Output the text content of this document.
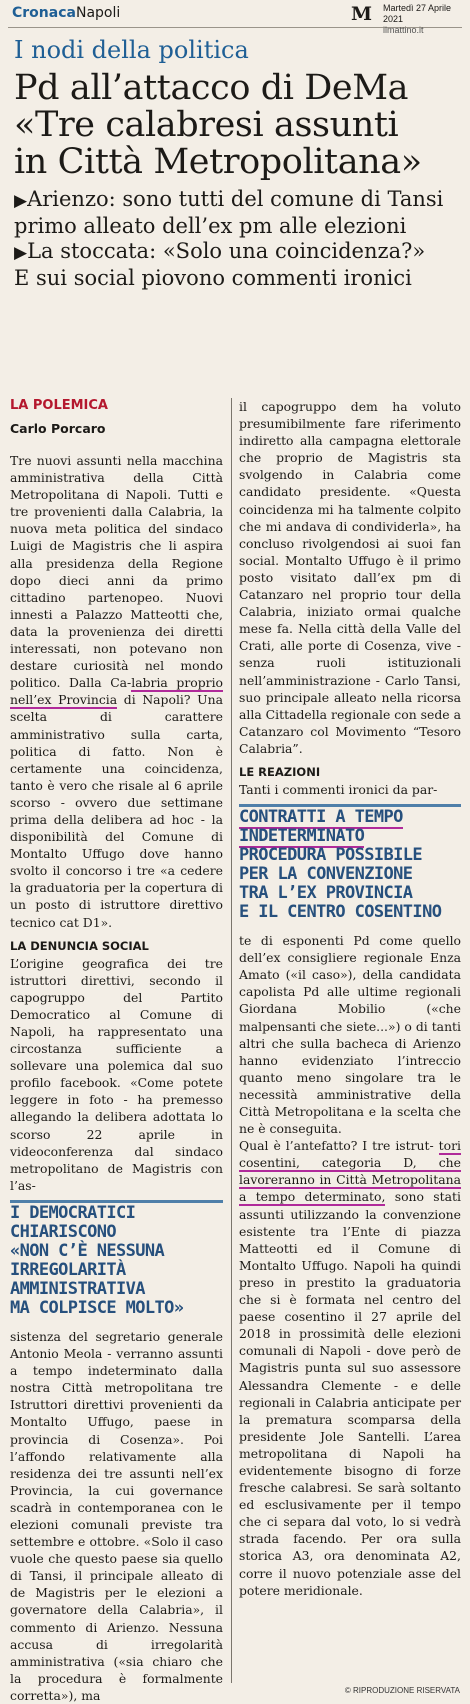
CronacaNapoli	M Martedì 27 Aprile 2021
ilmattino.it
I nodi della politica
Pd all’attacco di DeMa
«Tre calabresi assunti
in Città Metropolitana»
▶Arienzo: sono tutti del comune di Tansi
primo alleato dell’ex pm alle elezioni
▶La stoccata: «Solo una coincidenza?»
E sui social piovono commenti ironici
LA POLEMICA
Carlo Porcaro

Tre nuovi assunti nella macchina amministrativa della Città Metropolitana di Napoli. Tutti e tre provenienti dalla Calabria, la nuova meta politica del sindaco Luigi de Magistris che li aspira alla presidenza della Regione dopo dieci anni da primo cittadino partenopeo. Nuovi innesti a Palazzo Matteotti che, data la provenienza dei diretti interessati, non potevano non destare curiosità nel mondo politico. Dalla Ca-labria proprio nell’ex Provincia di Napoli? Una scelta di carattere amministrativo sulla carta, politica di fatto. Non è certamente una coincidenza, tanto è vero che risale al 6 aprile scorso - ovvero due settimane prima della delibera ad hoc - la disponibilità del Comune di Montalto Uffugo dove hanno svolto il concorso i tre «a cedere la graduatoria per la copertura di un posto di istruttore direttivo tecnico cat D1».

LA DENUNCIA SOCIAL

L’origine geografica dei tre istruttori direttivi, secondo il capogruppo del Partito Democratico al Comune di Napoli, ha rappresentato una circostanza sufficiente a sollevare una polemica dal suo profilo facebook. «Come potete leggere in foto - ha premesso allegando la delibera adottata lo scorso 22 aprile in videoconferenza dal sindaco metropolitano de Magistris con l’as-

I DEMOCRATICI
CHIARISCONO
«NON C’È NESSUNA
IRREGOLARITÀ
AMMINISTRATIVA
MA COLPISCE MOLTO»

sistenza del segretario generale Antonio Meola - verranno assunti a tempo indeterminato dalla nostra Città metropolitana tre Istruttori direttivi provenienti da Montalto Uffugo, paese in provincia di Cosenza». Poi l’affondo relativamente alla residenza dei tre assunti nell’ex Provincia, la cui governance scadrà in contemporanea con le elezioni comunali previste tra settembre e ottobre. «Solo il caso vuole che questo paese sia quello di Tansi, il principale alleato di de Magistris per le elezioni a governatore della Calabria», il commento di Arienzo. Nessuna accusa di irregolarità amministrativa («sia chiaro che la procedura è formalmente corretta»), ma

il capogruppo dem ha voluto presumibilmente fare riferimento indiretto alla campagna elettorale che proprio de Magistris sta svolgendo in Calabria come candidato presidente. «Questa coincidenza mi ha talmente colpito che mi andava di condividerla», ha concluso rivolgendosi ai suoi fan social. Montalto Uffugo è il primo posto visitato dall’ex pm di Catanzaro nel proprio tour della Calabria, iniziato ormai qualche mese fa. Nella città della Valle del Crati, alle porte di Cosenza, vive - senza ruoli istituzionali nell’amministrazione - Carlo Tansi, suo principale alleato nella ricorsa alla Cittadella regionale con sede a Catanzaro col Movimento “Tesoro Calabria”.

LE REAZIONI

Tanti i commenti ironici da par-

CONTRATTI A TEMPO
INDETERMINATO
PROCEDURA POSSIBILE
PER LA CONVENZIONE
TRA L’EX PROVINCIA
E IL CENTRO COSENTINO

te di esponenti Pd come quello dell’ex consigliere regionale Enza Amato («il caso»), della candidata capolista Pd alle ultime regionali Giordana Mobilio («che malpensanti che siete...») o di tanti altri che sulla bacheca di Arienzo hanno evidenziato l’intreccio quanto meno singolare tra le necessità amministrative della Città Metropolitana e la scelta che ne è conseguita.

Qual è l’antefatto? I tre istrut- tori cosentini, categoria D, che lavoreranno in Città Metropolitana a tempo determinato, sono stati assunti utilizzando la convenzione esistente tra l’Ente di piazza Matteotti ed il Comune di Montalto Uffugo. Napoli ha quindi preso in prestito la graduatoria che si è formata nel centro del paese cosentino il 27 aprile del 2018 in prossimità delle elezioni comunali di Napoli - dove però de Magistris punta sul suo assessore Alessandra Clemente - e delle regionali in Calabria anticipate per la prematura scomparsa della presidente Jole Santelli. L’area metropolitana di Napoli ha evidentemente bisogno di forze fresche calabresi. Se sarà soltanto ed esclusivamente per il tempo che ci separa dal voto, lo si vedrà strada facendo. Per ora sulla storica A3, ora denominata A2, corre il nuovo potenziale asse del potere meridionale.

© RIPRODUZIONE RISERVATA
